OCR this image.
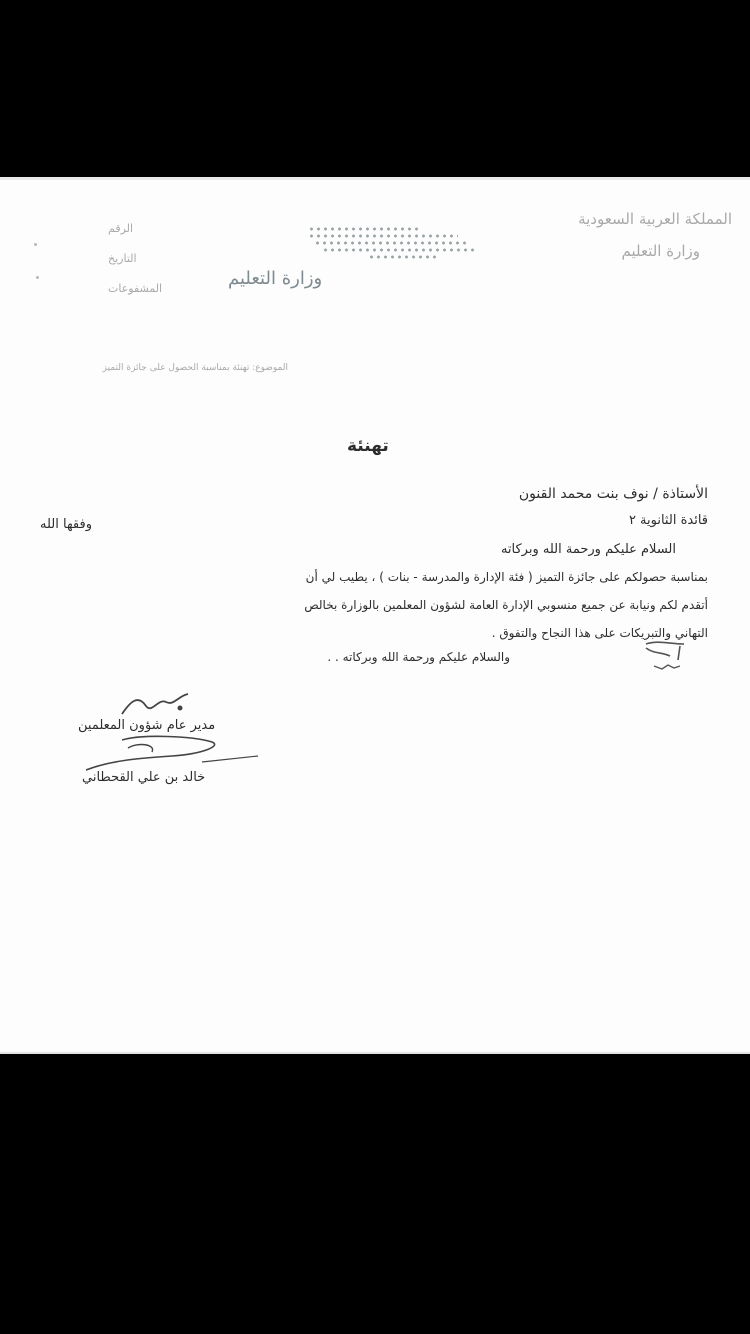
المملكة العربية السعودية
وزارة التعليم
وزارة التعليم
الرقم
التاريخ
المشفوعات
الموضوع: تهنئة بمناسبة الحصول على جائزة التميز
تهنئة
الأستاذة / نوف بنت محمد القنون
قائدة الثانوية ٢
وفقها الله
السلام عليكم ورحمة الله وبركاته
بمناسبة حصولكم على جائزة التميز ( فئة الإدارة والمدرسة - بنات ) ، يطيب لي أن
أتقدم لكم ونيابة عن جميع منسوبي الإدارة العامة لشؤون المعلمين بالوزارة بخالص
التهاني والتبريكات على هذا النجاح والتفوق .
والسلام عليكم ورحمة الله وبركاته . .
مدير عام شؤون المعلمين
خالد بن علي القحطاني
